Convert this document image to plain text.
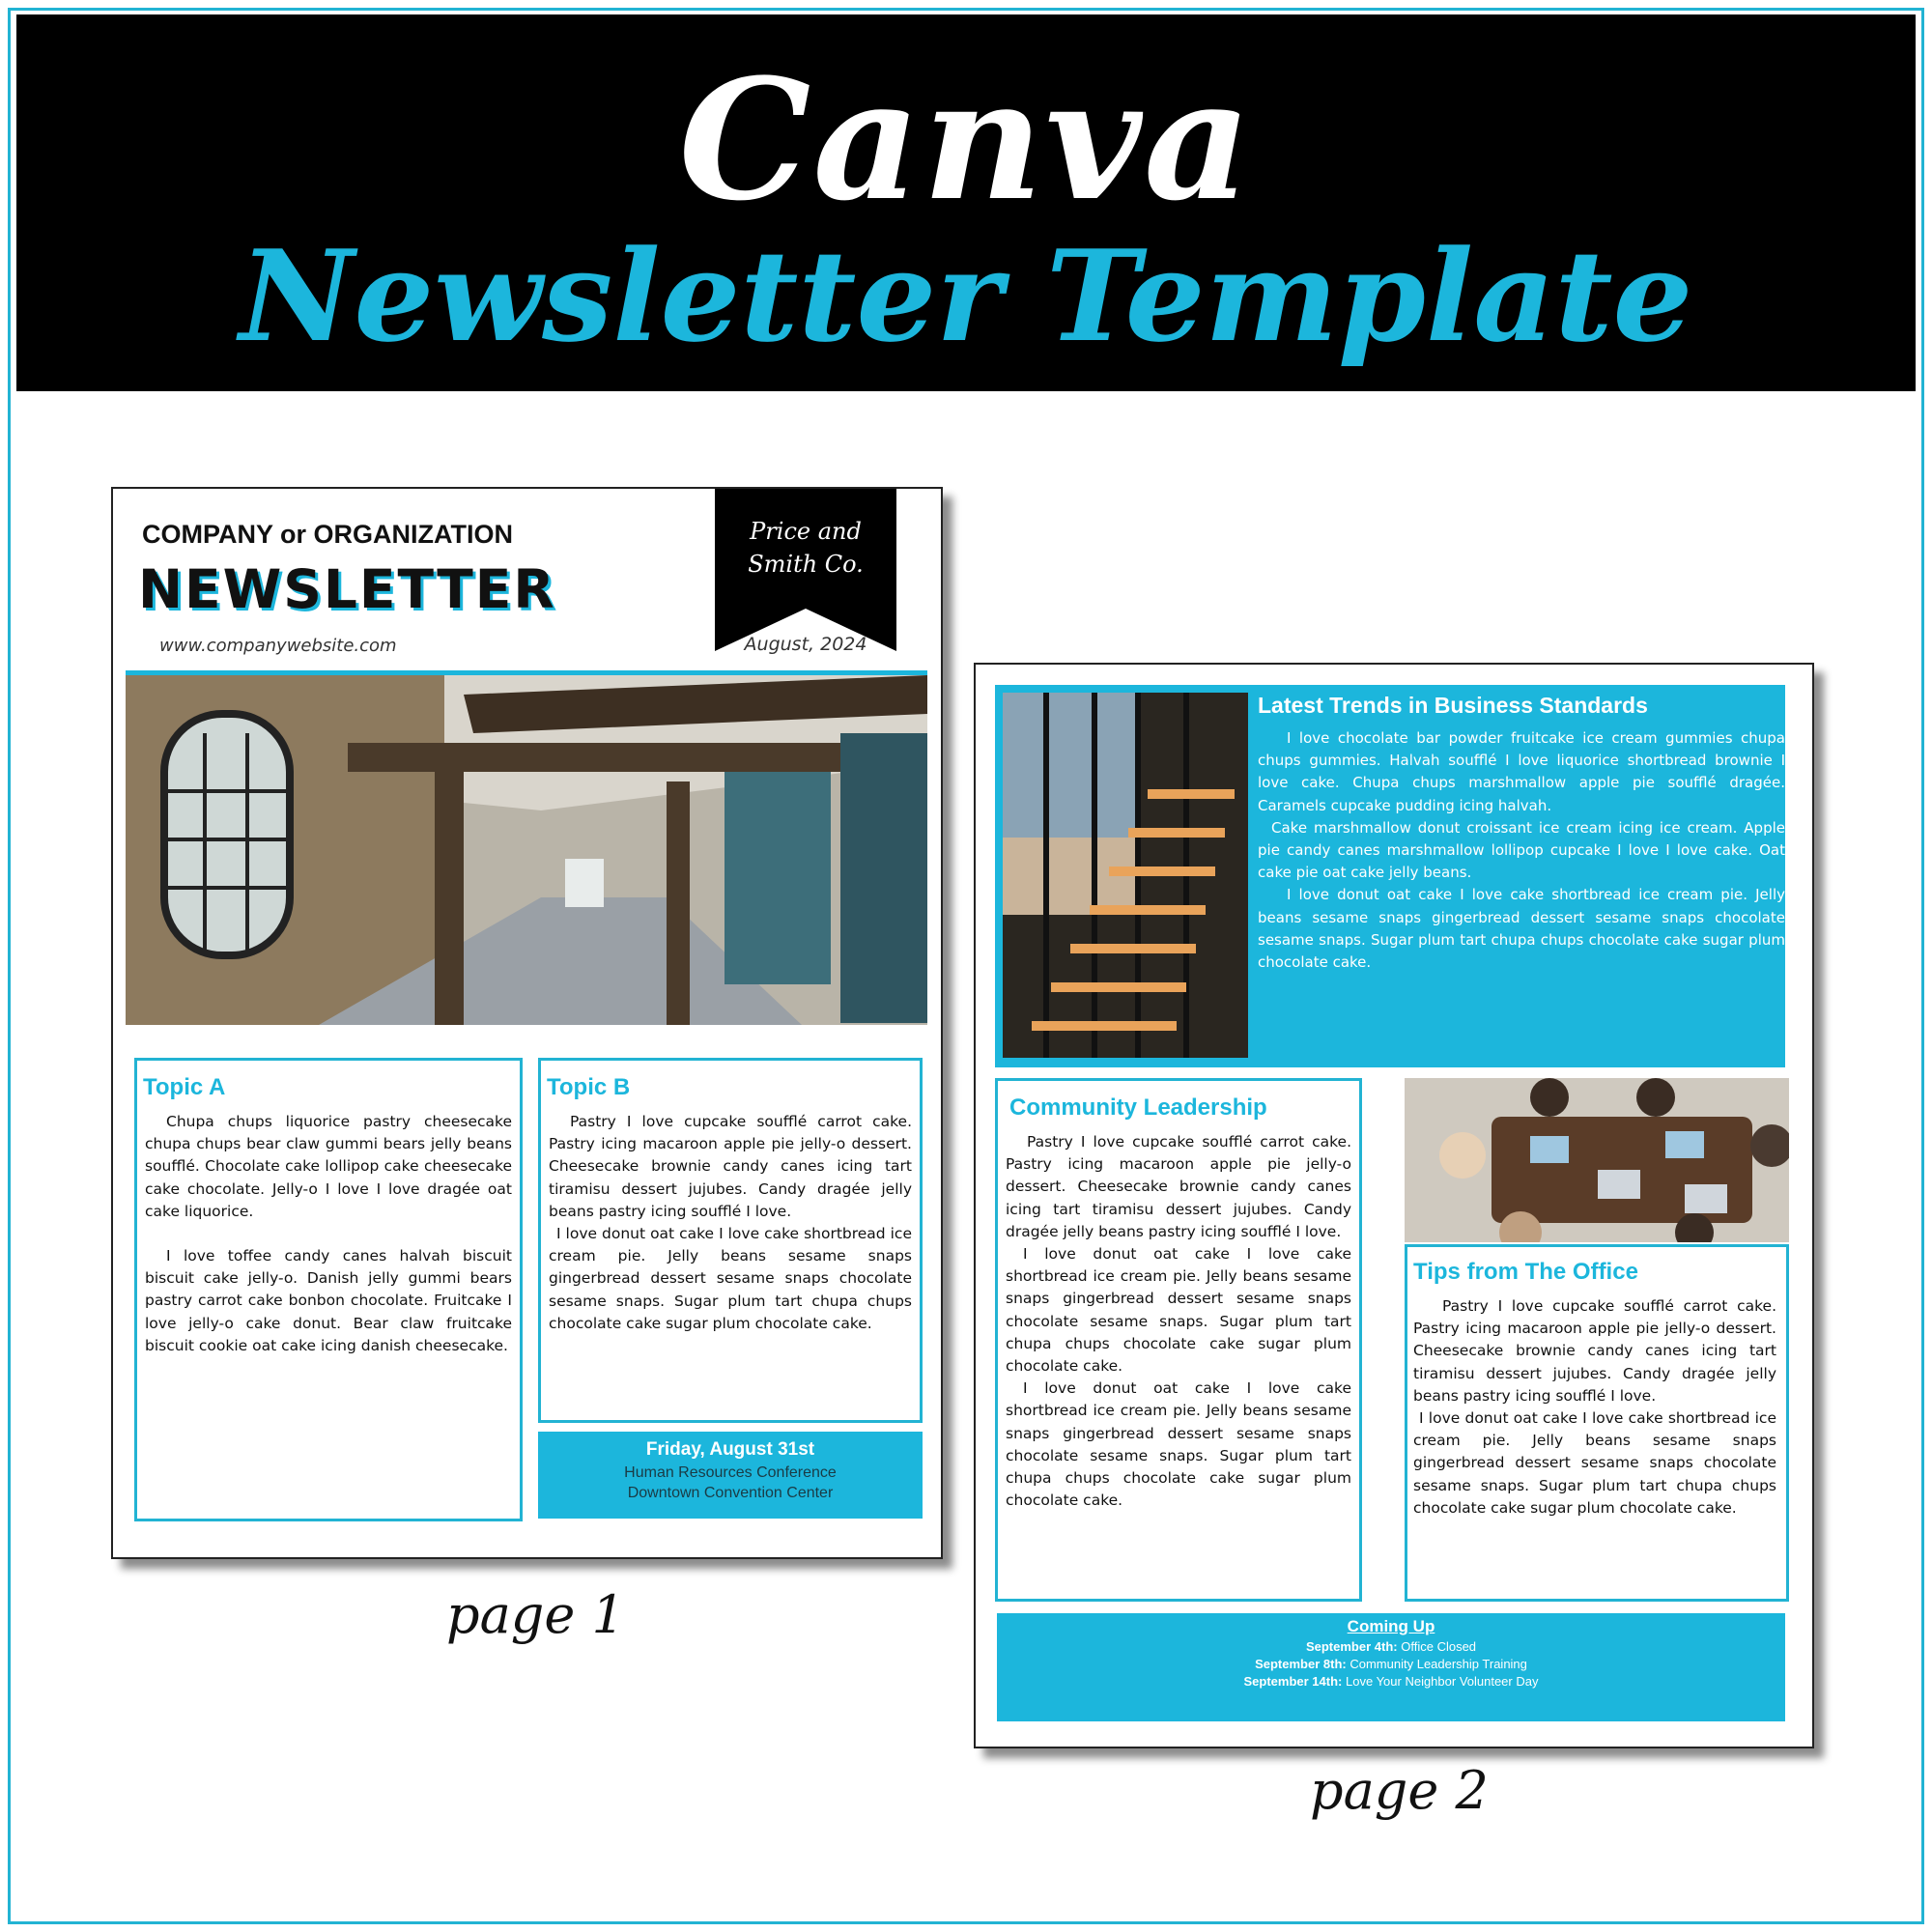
Canva
Newsletter Template
COMPANY or ORGANIZATION
NEWSLETTER
www.companywebsite.com
Price and
Smith Co.
August, 2024
Topic A

Chupa chups liquorice pastry cheesecake chupa chups bear claw gummi bears jelly beans soufflé. Chocolate cake lollipop cake cheesecake cake chocolate. Jelly-o I love I love dragée oat cake liquorice.

I love toffee candy canes halvah biscuit biscuit cake jelly-o. Danish jelly gummi bears pastry carrot cake bonbon chocolate. Fruitcake I love jelly-o cake donut. Bear claw fruitcake biscuit cookie oat cake icing danish cheesecake.

Topic B

Pastry I love cupcake soufflé carrot cake. Pastry icing macaroon apple pie jelly-o dessert. Cheesecake brownie candy canes icing tart tiramisu dessert jujubes. Candy dragée jelly beans pastry icing soufflé I love.

I love donut oat cake I love cake shortbread ice cream pie. Jelly beans sesame snaps gingerbread dessert sesame snaps chocolate sesame snaps. Sugar plum tart chupa chups chocolate cake sugar plum chocolate cake.

Friday, August 31st
Human Resources Conference
Downtown Convention Center
page 1
Latest Trends in Business Standards

I love chocolate bar powder fruitcake ice cream gummies chupa chups gummies. Halvah soufflé I love liquorice shortbread brownie I love cake. Chupa chups marshmallow apple pie soufflé dragée. Caramels cupcake pudding icing halvah.

Cake marshmallow donut croissant ice cream icing ice cream. Apple pie candy canes marshmallow lollipop cupcake I love I love cake. Oat cake pie oat cake jelly beans.

I love donut oat cake I love cake shortbread ice cream pie. Jelly beans sesame snaps gingerbread dessert sesame snaps chocolate sesame snaps. Sugar plum tart chupa chups chocolate cake sugar plum chocolate cake.

Community Leadership

Pastry I love cupcake soufflé carrot cake. Pastry icing macaroon apple pie jelly-o dessert. Cheesecake brownie candy canes icing tart tiramisu dessert jujubes. Candy dragée jelly beans pastry icing soufflé I love.

I love donut oat cake I love cake shortbread ice cream pie. Jelly beans sesame snaps gingerbread dessert sesame snaps chocolate sesame snaps. Sugar plum tart chupa chups chocolate cake sugar plum chocolate cake.

I love donut oat cake I love cake shortbread ice cream pie. Jelly beans sesame snaps gingerbread dessert sesame snaps chocolate sesame snaps. Sugar plum tart chupa chups chocolate cake sugar plum chocolate cake.

Tips from The Office

Pastry I love cupcake soufflé carrot cake. Pastry icing macaroon apple pie jelly-o dessert. Cheesecake brownie candy canes icing tart tiramisu dessert jujubes. Candy dragée jelly beans pastry icing soufflé I love.

I love donut oat cake I love cake shortbread ice cream pie. Jelly beans sesame snaps gingerbread dessert sesame snaps chocolate sesame snaps. Sugar plum tart chupa chups chocolate cake sugar plum chocolate cake.

Coming Up
September 4th: Office Closed
September 8th: Community Leadership Training
September 14th: Love Your Neighbor Volunteer Day
page 2
